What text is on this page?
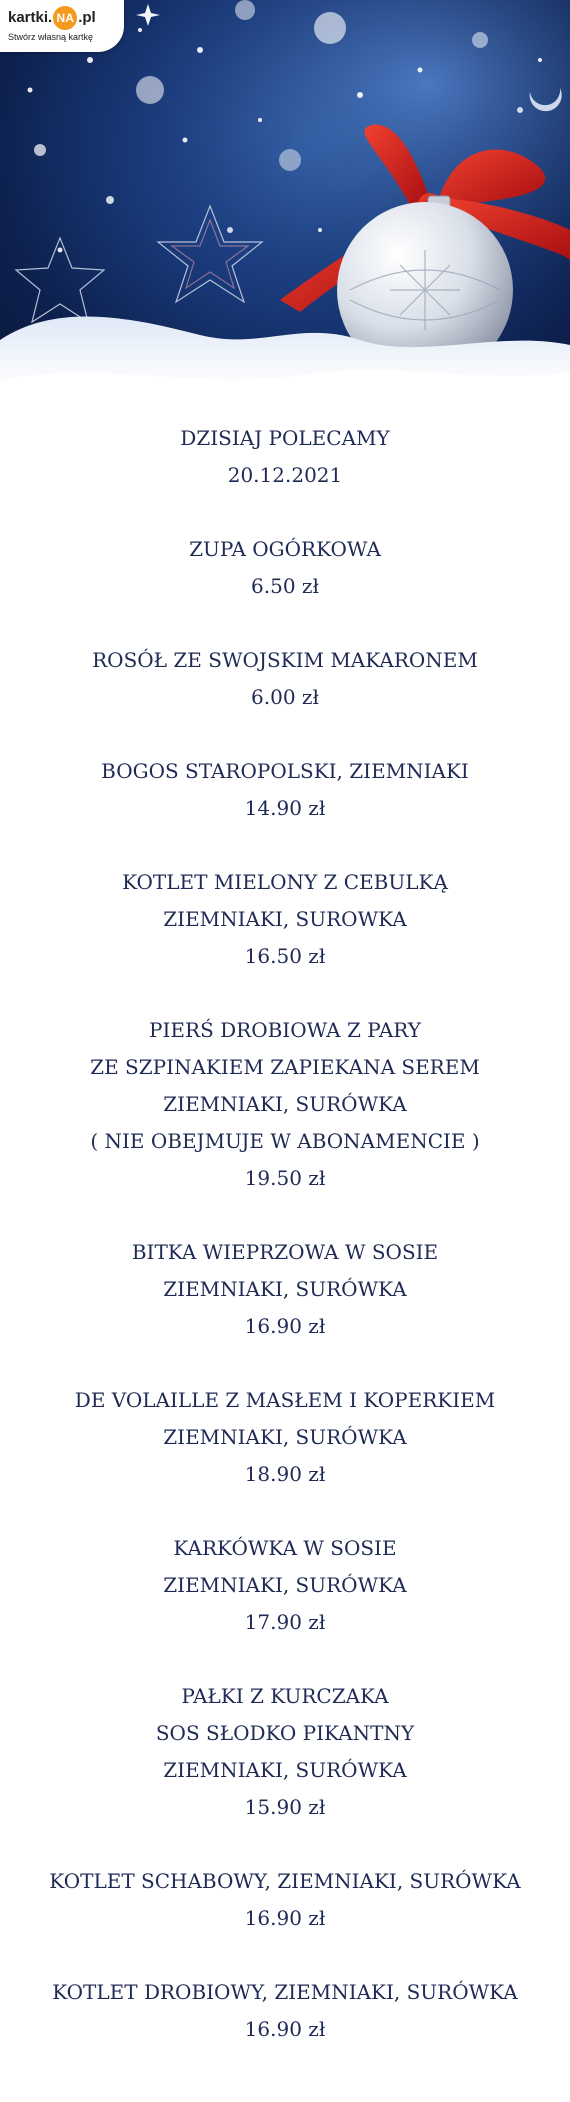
kartki. NA .pl
Stwórz własną kartkę
DZISIAJ POLECAMY
20.12.2021
ZUPA OGÓRKOWA
6.50 zł
ROSÓŁ ZE SWOJSKIM MAKARONEM
6.00 zł
BOGOS STAROPOLSKI, ZIEMNIAKI
14.90 zł
KOTLET MIELONY Z CEBULKĄ
ZIEMNIAKI, SUROWKA
16.50 zł
PIERŚ DROBIOWA Z PARY
ZE SZPINAKIEM ZAPIEKANA SEREM
ZIEMNIAKI, SURÓWKA
( NIE OBEJMUJE W ABONAMENCIE )
19.50 zł
BITKA WIEPRZOWA W SOSIE
ZIEMNIAKI, SURÓWKA
16.90 zł
DE VOLAILLE Z MASŁEM I KOPERKIEM
ZIEMNIAKI, SURÓWKA
18.90 zł
KARKÓWKA W SOSIE
ZIEMNIAKI, SURÓWKA
17.90 zł
PAŁKI Z KURCZAKA
SOS SŁODKO PIKANTNY
ZIEMNIAKI, SURÓWKA
15.90 zł
KOTLET SCHABOWY, ZIEMNIAKI, SURÓWKA
16.90 zł
KOTLET DROBIOWY, ZIEMNIAKI, SURÓWKA
16.90 zł
